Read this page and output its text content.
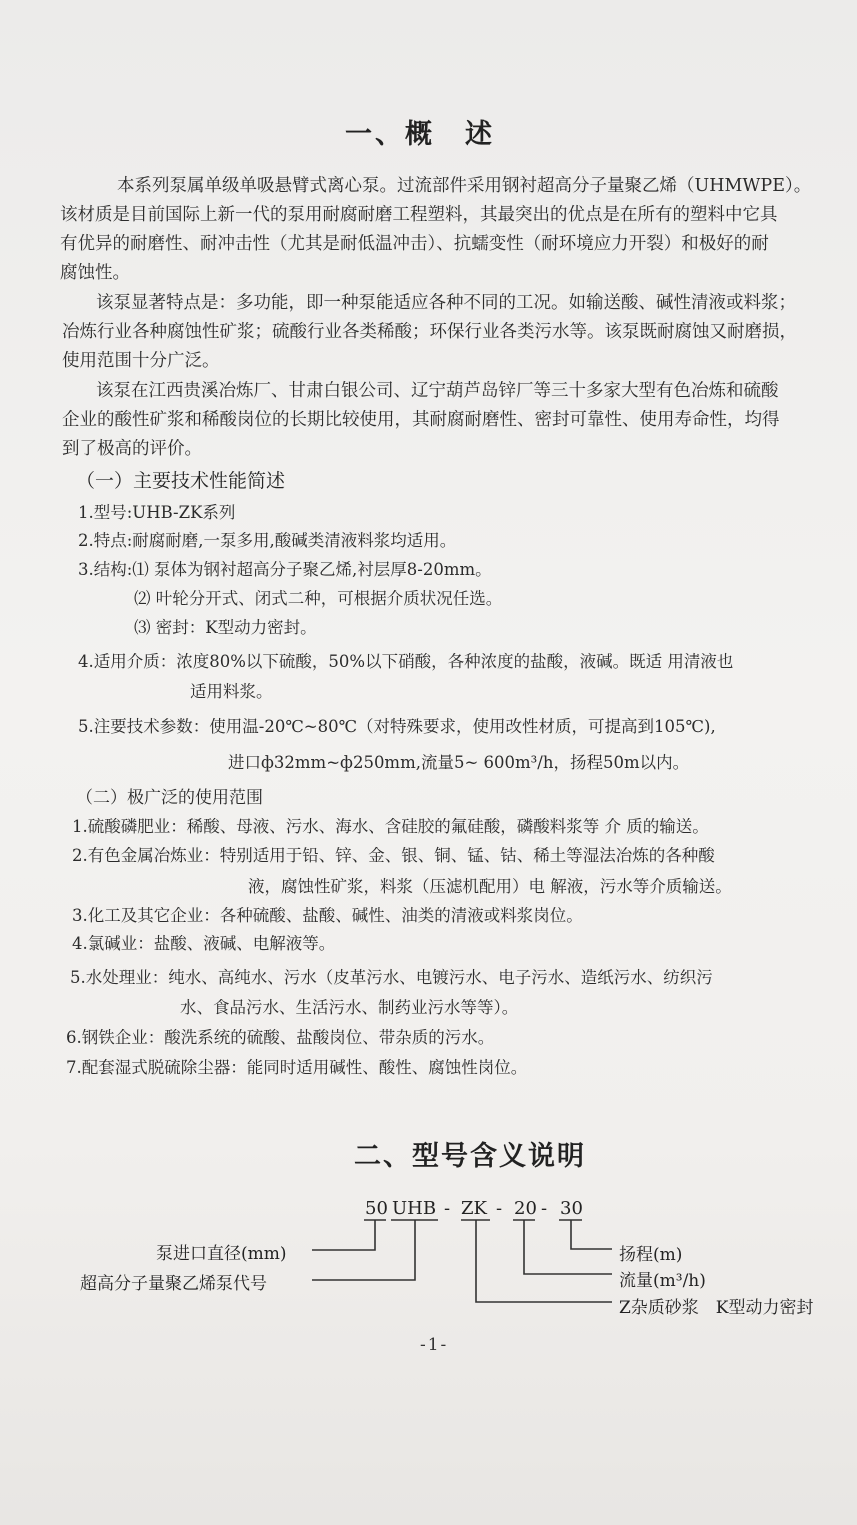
一、概　述
本系列泵属单级单吸悬臂式离心泵。过流部件采用钢衬超高分子量聚乙烯（UHMWPE）。
该材质是目前国际上新一代的泵用耐腐耐磨工程塑料，其最突出的优点是在所有的塑料中它具
有优异的耐磨性、耐冲击性（尤其是耐低温冲击）、抗蠕变性（耐环境应力开裂）和极好的耐
腐蚀性。
该泵显著特点是：多功能，即一种泵能适应各种不同的工况。如输送酸、碱性清液或料浆；
冶炼行业各种腐蚀性矿浆；硫酸行业各类稀酸；环保行业各类污水等。该泵既耐腐蚀又耐磨损，
使用范围十分广泛。
该泵在江西贵溪冶炼厂、甘肃白银公司、辽宁葫芦岛锌厂等三十多家大型有色冶炼和硫酸
企业的酸性矿浆和稀酸岗位的长期比较使用，其耐腐耐磨性、密封可靠性、使用寿命性，均得
到了极高的评价。
（一）主要技术性能简述
1.型号:UHB-ZK系列
2.特点:耐腐耐磨,一泵多用,酸碱类清液料浆均适用。
3.结构:⑴ 泵体为钢衬超高分子聚乙烯,衬层厚8-20mm。
⑵ 叶轮分开式、闭式二种，可根据介质状况任选。
⑶ 密封：K型动力密封。
4.适用介质：浓度80%以下硫酸，50%以下硝酸，各种浓度的盐酸，液碱。既适 用清液也
适用料浆。
5.注要技术参数：使用温-20℃~80℃（对特殊要求，使用改性材质，可提高到105℃),
进口ф32mm~ф250mm,流量5~ 600m³/h，扬程50m以内。
（二）极广泛的使用范围
1.硫酸磷肥业：稀酸、母液、污水、海水、含硅胶的氟硅酸，磷酸料浆等 介 质的输送。
2.有色金属冶炼业：特别适用于铅、锌、金、银、铜、锰、钴、稀土等湿法冶炼的各种酸
液，腐蚀性矿浆，料浆（压滤机配用）电 解液，污水等介质输送。
3.化工及其它企业：各种硫酸、盐酸、碱性、油类的清液或料浆岗位。
4.氯碱业：盐酸、液碱、电解液等。
5.水处理业：纯水、高纯水、污水（皮革污水、电镀污水、电子污水、造纸污水、纺织污
水、食品污水、生活污水、制药业污水等等）。
6.钢铁企业：酸洗系统的硫酸、盐酸岗位、带杂质的污水。
7.配套湿式脱硫除尘器：能同时适用碱性、酸性、腐蚀性岗位。
二、型号含义说明
50 UHB - ZK - 20 - 30
泵进口直径(mm)
超高分子量聚乙烯泵代号
扬程(m)
流量(m³/h)
Z杂质砂浆　K型动力密封
-1-
